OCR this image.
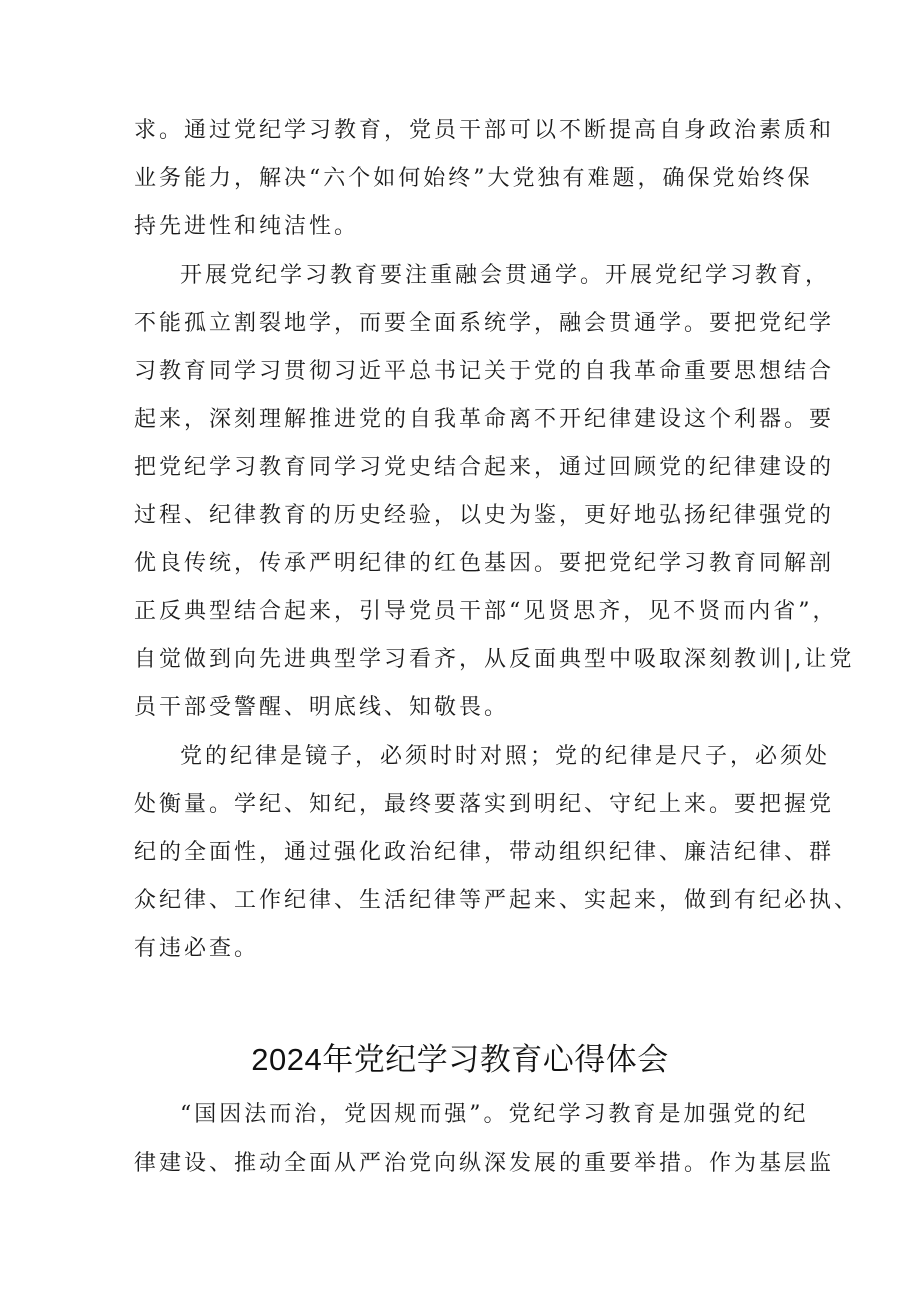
求。通过党纪学习教育，党员干部可以不断提高自身政治素质和
业务能力，解决“六个如何始终”大党独有难题，确保党始终保
持先进性和纯洁性。
开展党纪学习教育要注重融会贯通学。开展党纪学习教育，
不能孤立割裂地学，而要全面系统学，融会贯通学。要把党纪学
习教育同学习贯彻习近平总书记关于党的自我革命重要思想结合
起来，深刻理解推进党的自我革命离不开纪律建设这个利器。要
把党纪学习教育同学习党史结合起来，通过回顾党的纪律建设的
过程、纪律教育的历史经验，以史为鉴，更好地弘扬纪律强党的
优良传统，传承严明纪律的红色基因。要把党纪学习教育同解剖
正反典型结合起来，引导党员干部“见贤思齐，见不贤而内省”，
自觉做到向先进典型学习看齐，从反面典型中吸取深刻教训|,让党
员干部受警醒、明底线、知敬畏。
党的纪律是镜子，必须时时对照；党的纪律是尺子，必须处
处衡量。学纪、知纪，最终要落实到明纪、守纪上来。要把握党
纪的全面性，通过强化政治纪律，带动组织纪律、廉洁纪律、群
众纪律、工作纪律、生活纪律等严起来、实起来，做到有纪必执、
有违必查。
2024年党纪学习教育心得体会
“国因法而治，党因规而强”。党纪学习教育是加强党的纪
律建设、推动全面从严治党向纵深发展的重要举措。作为基层监
